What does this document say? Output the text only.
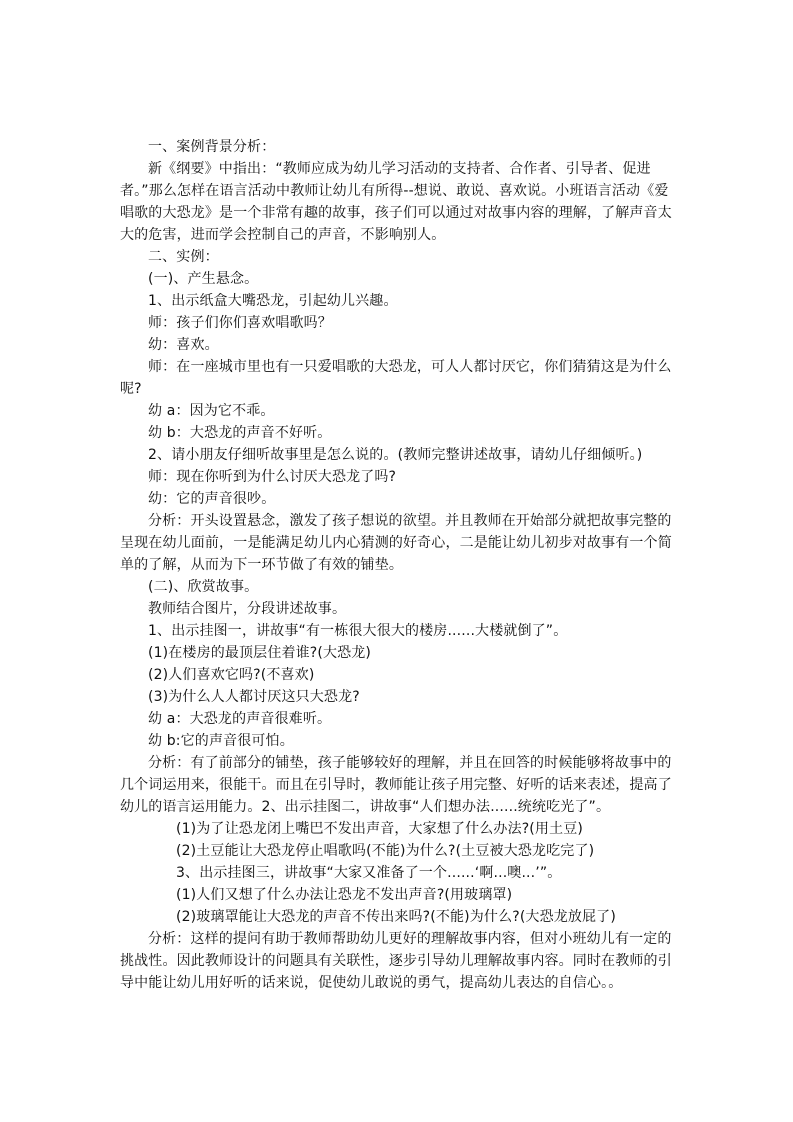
一、案例背景分析：

新《纲要》中指出：“教师应成为幼儿学习活动的支持者、合作者、引导者、促进者。”那么怎样在语言活动中教师让幼儿有所得--想说、敢说、喜欢说。小班语言活动《爱唱歌的大恐龙》是一个非常有趣的故事，孩子们可以通过对故事内容的理解，了解声音太大的危害，进而学会控制自己的声音，不影响别人。

二、实例：

(一)、产生悬念。

1、出示纸盒大嘴恐龙，引起幼儿兴趣。

师：孩子们你们喜欢唱歌吗？

幼：喜欢。

师：在一座城市里也有一只爱唱歌的大恐龙，可人人都讨厌它，你们猜猜这是为什么呢?

幼 a：因为它不乖。

幼 b：大恐龙的声音不好听。

2、请小朋友仔细听故事里是怎么说的。(教师完整讲述故事，请幼儿仔细倾听。)

师：现在你听到为什么讨厌大恐龙了吗?

幼：它的声音很吵。

分析：开头设置悬念，激发了孩子想说的欲望。并且教师在开始部分就把故事完整的呈现在幼儿面前，一是能满足幼儿内心猜测的好奇心，二是能让幼儿初步对故事有一个简单的了解，从而为下一环节做了有效的铺垫。

(二)、欣赏故事。

教师结合图片，分段讲述故事。

1、出示挂图一，讲故事“有一栋很大很大的楼房......大楼就倒了”。

(1)在楼房的最顶层住着谁?(大恐龙)

(2)人们喜欢它吗?(不喜欢)

(3)为什么人人都讨厌这只大恐龙?

幼 a：大恐龙的声音很难听。

幼 b:它的声音很可怕。

分析：有了前部分的铺垫，孩子能够较好的理解，并且在回答的时候能够将故事中的几个词运用来，很能干。而且在引导时，教师能让孩子用完整、好听的话来表述，提高了幼儿的语言运用能力。2、出示挂图二，讲故事“人们想办法......统统吃光了”。

(1)为了让恐龙闭上嘴巴不发出声音，大家想了什么办法?(用土豆)

(2)土豆能让大恐龙停止唱歌吗(不能)为什么?(土豆被大恐龙吃完了)

3、出示挂图三，讲故事“大家又准备了一个......‘啊...噢...’”。

(1)人们又想了什么办法让恐龙不发出声音?(用玻璃罩)

(2)玻璃罩能让大恐龙的声音不传出来吗?(不能)为什么?(大恐龙放屁了)

分析：这样的提问有助于教师帮助幼儿更好的理解故事内容，但对小班幼儿有一定的挑战性。因此教师设计的问题具有关联性，逐步引导幼儿理解故事内容。同时在教师的引导中能让幼儿用好听的话来说，促使幼儿敢说的勇气，提高幼儿表达的自信心。。
